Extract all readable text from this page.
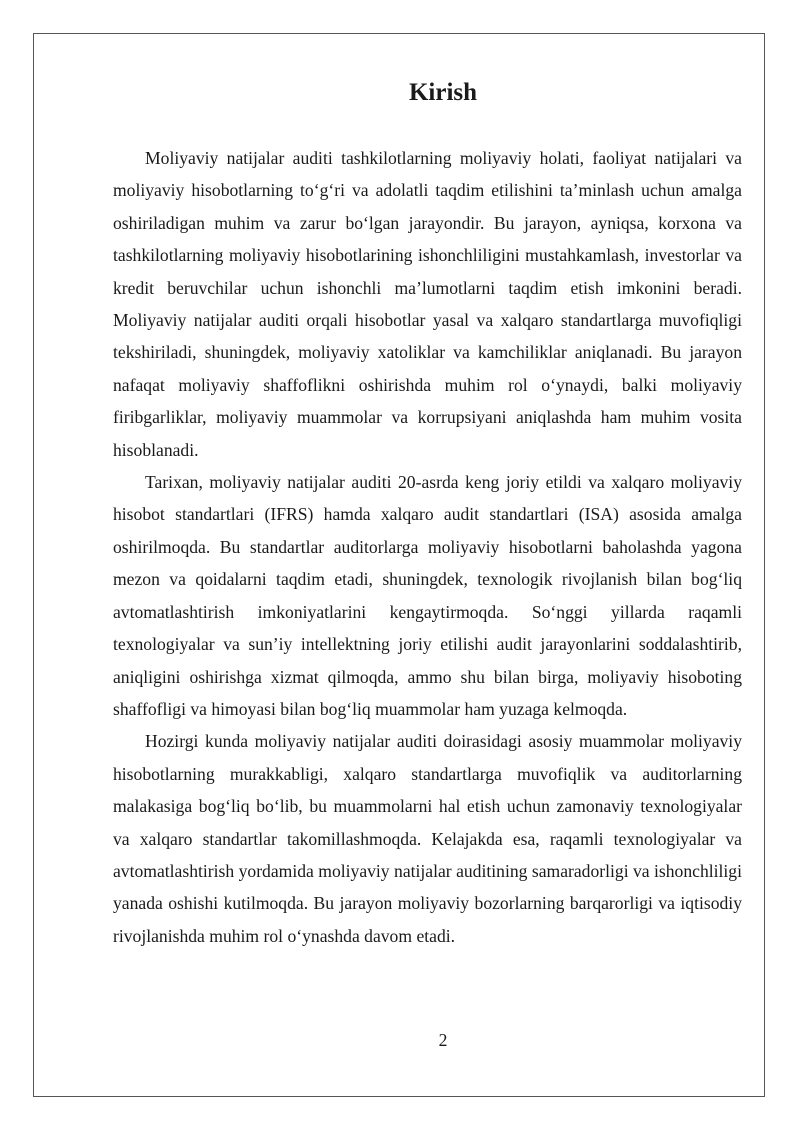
Kirish

Moliyaviy natijalar auditi tashkilotlarning moliyaviy holati, faoliyat natijalari va moliyaviy hisobotlarning to‘g‘ri va adolatli taqdim etilishini ta’minlash uchun amalga oshiriladigan muhim va zarur bo‘lgan jarayondir. Bu jarayon, ayniqsa, korxona va tashkilotlarning moliyaviy hisobotlarining ishonchliligini mustahkamlash, investorlar va kredit beruvchilar uchun ishonchli ma’lumotlarni taqdim etish imkonini beradi. Moliyaviy natijalar auditi orqali hisobotlar yasal va xalqaro standartlarga muvofiqligi tekshiriladi, shuningdek, moliyaviy xatoliklar va kamchiliklar aniqlanadi. Bu jarayon nafaqat moliyaviy shaffoflikni oshirishda muhim rol o‘ynaydi, balki moliyaviy firibgarliklar, moliyaviy muammolar va korrupsiyani aniqlashda ham muhim vosita hisoblanadi.

Tarixan, moliyaviy natijalar auditi 20-asrda keng joriy etildi va xalqaro moliyaviy hisobot standartlari (IFRS) hamda xalqaro audit standartlari (ISA) asosida amalga oshirilmoqda. Bu standartlar auditorlarga moliyaviy hisobotlarni baholashda yagona mezon va qoidalarni taqdim etadi, shuningdek, texnologik rivojlanish bilan bog‘liq avtomatlashtirish imkoniyatlarini kengaytirmoqda. So‘nggi yillarda raqamli texnologiyalar va sun’iy intellektning joriy etilishi audit jarayonlarini soddalashtirib, aniqligini oshirishga xizmat qilmoqda, ammo shu bilan birga, moliyaviy hisoboting shaffofligi va himoyasi bilan bog‘liq muammolar ham yuzaga kelmoqda.

Hozirgi kunda moliyaviy natijalar auditi doirasidagi asosiy muammolar moliyaviy hisobotlarning murakkabligi, xalqaro standartlarga muvofiqlik va auditorlarning malakasiga bog‘liq bo‘lib, bu muammolarni hal etish uchun zamonaviy texnologiyalar va xalqaro standartlar takomillashmoqda. Kelajakda esa, raqamli texnologiyalar va avtomatlashtirish yordamida moliyaviy natijalar auditining samaradorligi va ishonchliligi yanada oshishi kutilmoqda. Bu jarayon moliyaviy bozorlarning barqarorligi va iqtisodiy rivojlanishda muhim rol o‘ynashda davom etadi.

2
